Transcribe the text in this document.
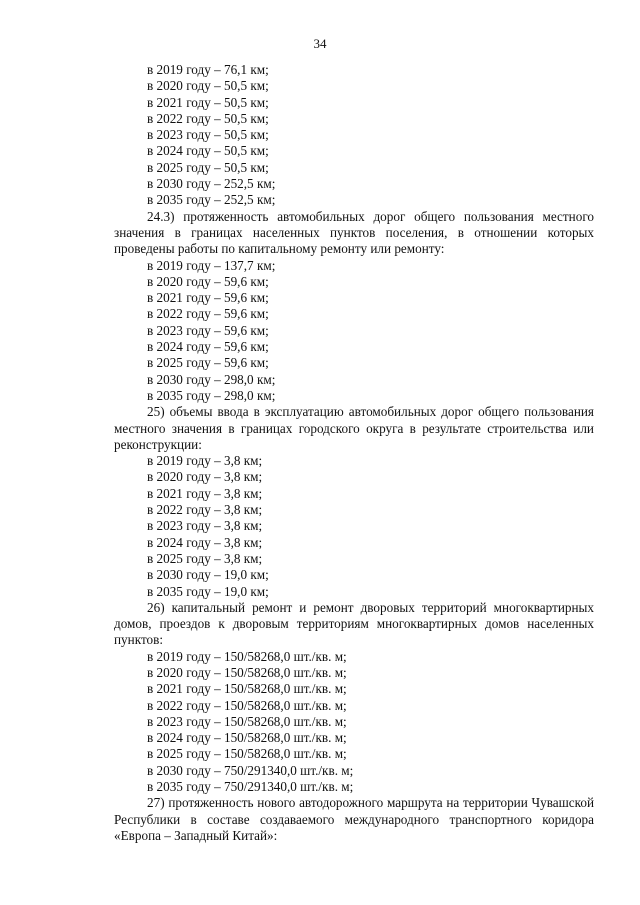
34
в 2019 году – 76,1 км;
в 2020 году – 50,5 км;
в 2021 году – 50,5 км;
в 2022 году – 50,5 км;
в 2023 году – 50,5 км;
в 2024 году – 50,5 км;
в 2025 году – 50,5 км;
в 2030 году – 252,5 км;
в 2035 году – 252,5 км;

24.3) протяженность автомобильных дорог общего пользования местного значения в границах населенных пунктов поселения, в отношении которых проведены работы по капитальному ремонту или ремонту:

в 2019 году – 137,7 км;
в 2020 году – 59,6 км;
в 2021 году – 59,6 км;
в 2022 году – 59,6 км;
в 2023 году – 59,6 км;
в 2024 году – 59,6 км;
в 2025 году – 59,6 км;
в 2030 году – 298,0 км;
в 2035 году – 298,0 км;

25) объемы ввода в эксплуатацию автомобильных дорог общего пользования местного значения в границах городского округа в результате строительства или реконструкции:

в 2019 году – 3,8 км;
в 2020 году – 3,8 км;
в 2021 году – 3,8 км;
в 2022 году – 3,8 км;
в 2023 году – 3,8 км;
в 2024 году – 3,8 км;
в 2025 году – 3,8 км;
в 2030 году – 19,0 км;
в 2035 году – 19,0 км;

26) капитальный ремонт и ремонт дворовых территорий многоквартирных домов, проездов к дворовым территориям многоквартирных домов населенных пунктов:

в 2019 году – 150/58268,0 шт./кв. м;
в 2020 году – 150/58268,0 шт./кв. м;
в 2021 году – 150/58268,0 шт./кв. м;
в 2022 году – 150/58268,0 шт./кв. м;
в 2023 году – 150/58268,0 шт./кв. м;
в 2024 году – 150/58268,0 шт./кв. м;
в 2025 году – 150/58268,0 шт./кв. м;
в 2030 году – 750/291340,0 шт./кв. м;
в 2035 году – 750/291340,0 шт./кв. м;

27) протяженность нового автодорожного маршрута на территории Чувашской Республики в составе создаваемого международного транспортного коридора «Европа – Западный Китай»:
